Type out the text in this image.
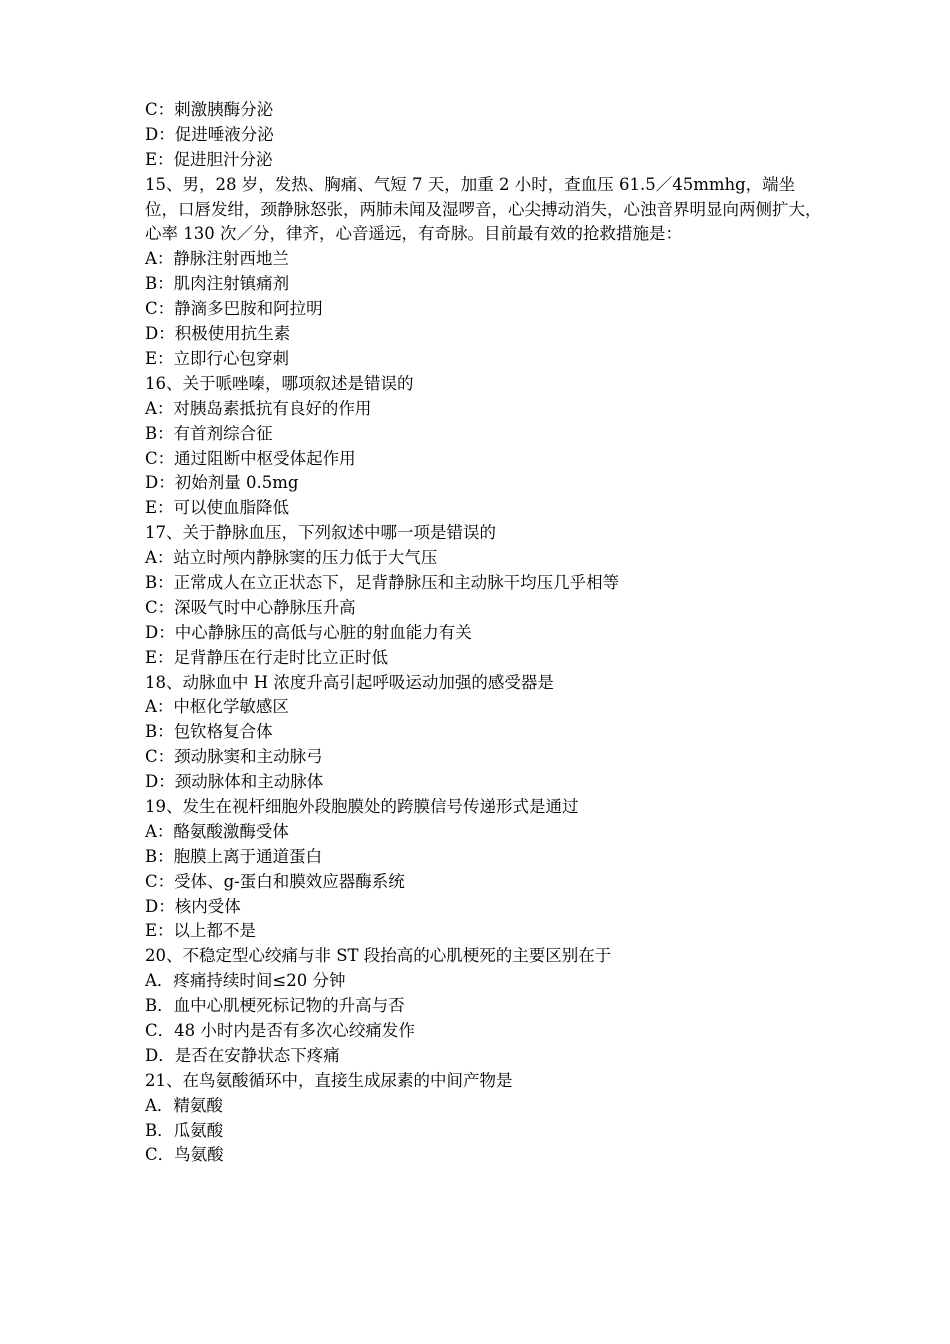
C：刺激胰酶分泌
D：促进唾液分泌
E：促进胆汁分泌
15、男，28 岁，发热、胸痛、气短 7 天，加重 2 小时，查血压 61.5／45mmhg，端坐位，口唇发绀，颈静脉怒张，两肺未闻及湿啰音，心尖搏动消失，心浊音界明显向两侧扩大，心率 130 次／分，律齐，心音遥远，有奇脉。目前最有效的抢救措施是：
A：静脉注射西地兰
B：肌肉注射镇痛剂
C：静滴多巴胺和阿拉明
D：积极使用抗生素
E：立即行心包穿刺
16、关于哌唑嗪，哪项叙述是错误的
A：对胰岛素抵抗有良好的作用
B：有首剂综合征
C：通过阻断中枢受体起作用
D：初始剂量 0.5mg
E：可以使血脂降低
17、关于静脉血压，下列叙述中哪一项是错误的
A：站立时颅内静脉窦的压力低于大气压
B：正常成人在立正状态下，足背静脉压和主动脉干均压几乎相等
C：深吸气时中心静脉压升高
D：中心静脉压的高低与心脏的射血能力有关
E：足背静压在行走时比立正时低
18、动脉血中 H 浓度升高引起呼吸运动加强的感受器是
A：中枢化学敏感区
B：包钦格复合体
C：颈动脉窦和主动脉弓
D：颈动脉体和主动脉体
19、发生在视杆细胞外段胞膜处的跨膜信号传递形式是通过
A：酪氨酸激酶受体
B：胞膜上离于通道蛋白
C：受体、g-蛋白和膜效应器酶系统
D：核内受体
E：以上都不是
20、不稳定型心绞痛与非 ST 段抬高的心肌梗死的主要区别在于
A．疼痛持续时间≤20 分钟
B．血中心肌梗死标记物的升高与否
C．48 小时内是否有多次心绞痛发作
D．是否在安静状态下疼痛
21、在鸟氨酸循环中，直接生成尿素的中间产物是
A．精氨酸
B．瓜氨酸
C．鸟氨酸
